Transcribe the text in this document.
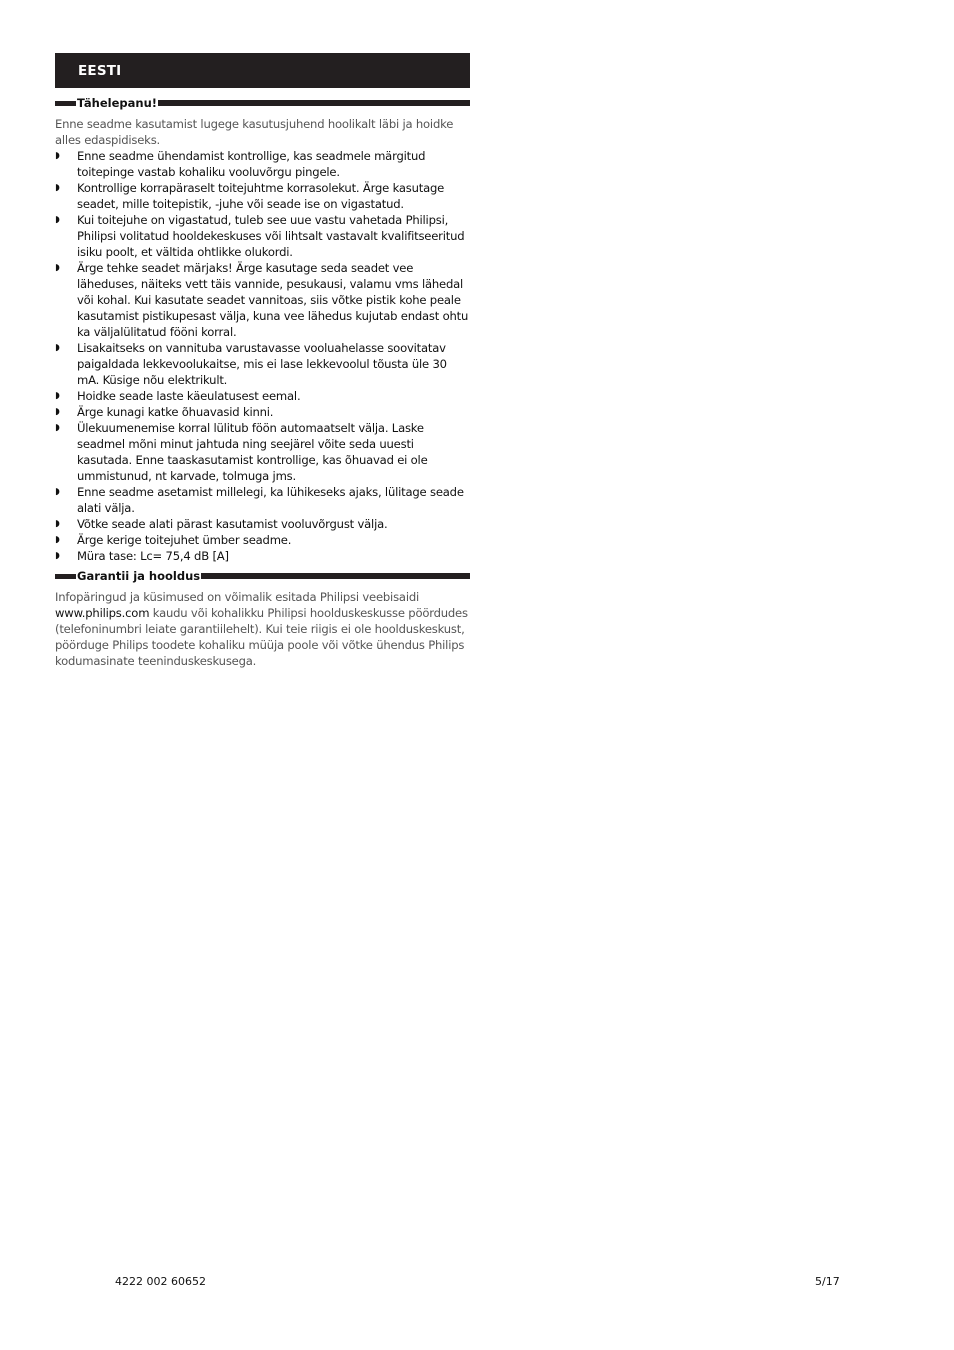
EESTI
Tähelepanu!

Enne seadme kasutamist lugege kasutusjuhend hoolikalt läbi ja hoidke alles edaspidiseks.

◗ Enne seadme ühendamist kontrollige, kas seadmele märgitud toitepinge vastab kohaliku vooluvõrgu pingele.
◗ Kontrollige korrapäraselt toitejuhtme korrasolekut. Ärge kasutage seadet, mille toitepistik, -juhe või seade ise on vigastatud.
◗ Kui toitejuhe on vigastatud, tuleb see uue vastu vahetada Philipsi, Philipsi volitatud hooldekeskuses või lihtsalt vastavalt kvalifitseeritud isiku poolt, et vältida ohtlikke olukordi.
◗ Ärge tehke seadet märjaks! Ärge kasutage seda seadet vee läheduses, näiteks vett täis vannide, pesukausi, valamu vms lähedal või kohal. Kui kasutate seadet vannitoas, siis võtke pistik kohe peale kasutamist pistikupesast välja, kuna vee lähedus kujutab endast ohtu ka väljalülitatud fööni korral.
◗ Lisakaitseks on vannituba varustavasse vooluahelasse soovitatav paigaldada lekkevoolukaitse, mis ei lase lekkevoolul tõusta üle 30 mA. Küsige nõu elektrikult.
◗ Hoidke seade laste käeulatusest eemal.
◗ Ärge kunagi katke õhuavasid kinni.
◗ Ülekuumenemise korral lülitub föön automaatselt välja. Laske seadmel mõni minut jahtuda ning seejärel võite seda uuesti kasutada. Enne taaskasutamist kontrollige, kas õhuavad ei ole ummistunud, nt karvade, tolmuga jms.
◗ Enne seadme asetamist millelegi, ka lühikeseks ajaks, lülitage seade alati välja.
◗ Võtke seade alati pärast kasutamist vooluvõrgust välja.
◗ Ärge kerige toitejuhet ümber seadme.
◗ Müra tase: Lc= 75,4 dB [A]
Garantii ja hooldus

Infopäringud ja küsimused on võimalik esitada Philipsi veebisaidi www.philips.com kaudu või kohalikku Philipsi hoolduskeskusse pöördudes (telefoninumbri leiate garantiilehelt). Kui teie riigis ei ole hoolduskeskust, pöörduge Philips toodete kohaliku müüja poole või võtke ühendus Philips kodumasinate teeninduskeskusega.

4222 002 60652	5/17
